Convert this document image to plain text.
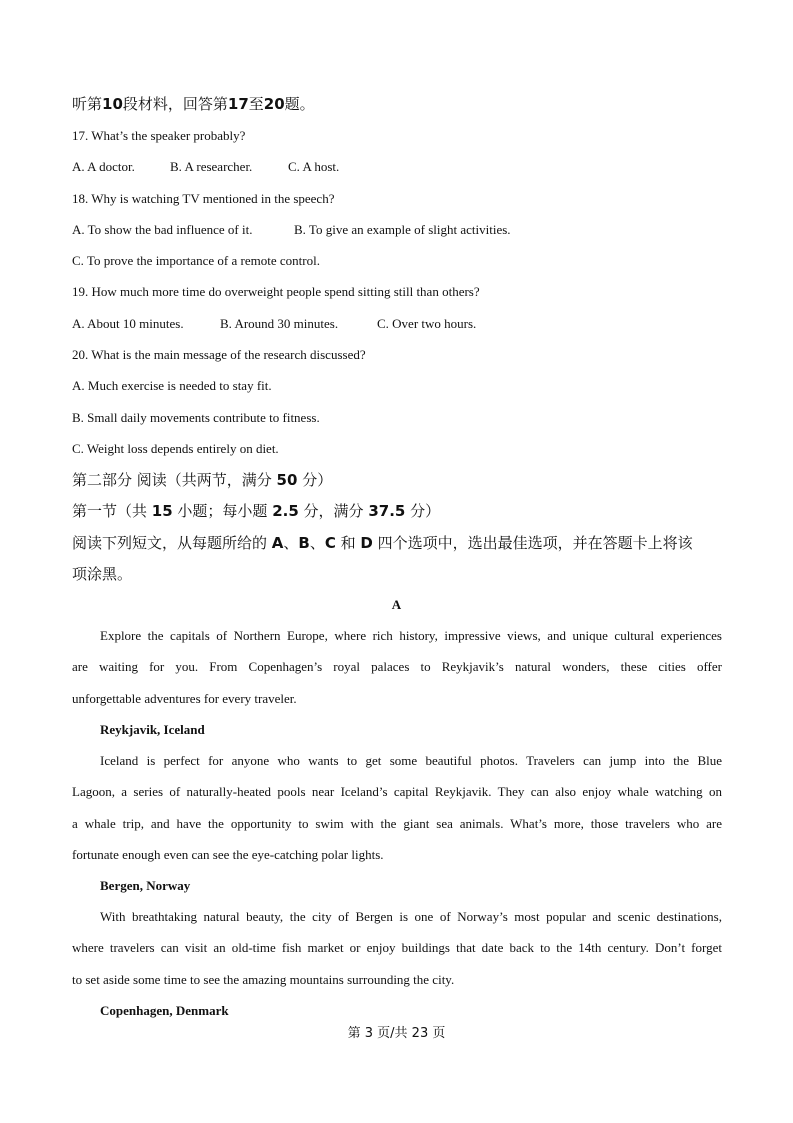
听第10段材料，回答第17至20题。
17. What’s the speaker probably?
A. A doctor.	B. A researcher.	C. A host.
18. Why is watching TV mentioned in the speech?
A. To show the bad influence of it.	B. To give an example of slight activities.
C. To prove the importance of a remote control.
19. How much more time do overweight people spend sitting still than others?
A. About 10 minutes.	B. Around 30 minutes.	C. Over two hours.
20. What is the main message of the research discussed?
A. Much exercise is needed to stay fit.
B. Small daily movements contribute to fitness.
C. Weight loss depends entirely on diet.
第二部分 阅读（共两节，满分 50 分）
第一节（共 15 小题；每小题 2.5 分，满分 37.5 分）
阅读下列短文，从每题所给的 A、B、C 和 D 四个选项中，选出最佳选项，并在答题卡上将该
项涂黑。
A
Explore the capitals of Northern Europe, where rich history, impressive views, and unique cultural experiences
are waiting for you. From Copenhagen’s royal palaces to Reykjavik’s natural wonders, these cities offer
unforgettable adventures for every traveler.
Reykjavik, Iceland
Iceland is perfect for anyone who wants to get some beautiful photos. Travelers can jump into the Blue
Lagoon, a series of naturally-heated pools near Iceland’s capital Reykjavik. They can also enjoy whale watching on
a whale trip, and have the opportunity to swim with the giant sea animals. What’s more, those travelers who are
fortunate enough even can see the eye-catching polar lights.
Bergen, Norway
With breathtaking natural beauty, the city of Bergen is one of Norway’s most popular and scenic destinations,
where travelers can visit an old-time fish market or enjoy buildings that date back to the 14th century. Don’t forget
to set aside some time to see the amazing mountains surrounding the city.
Copenhagen, Denmark
第 3 页/共 23 页
